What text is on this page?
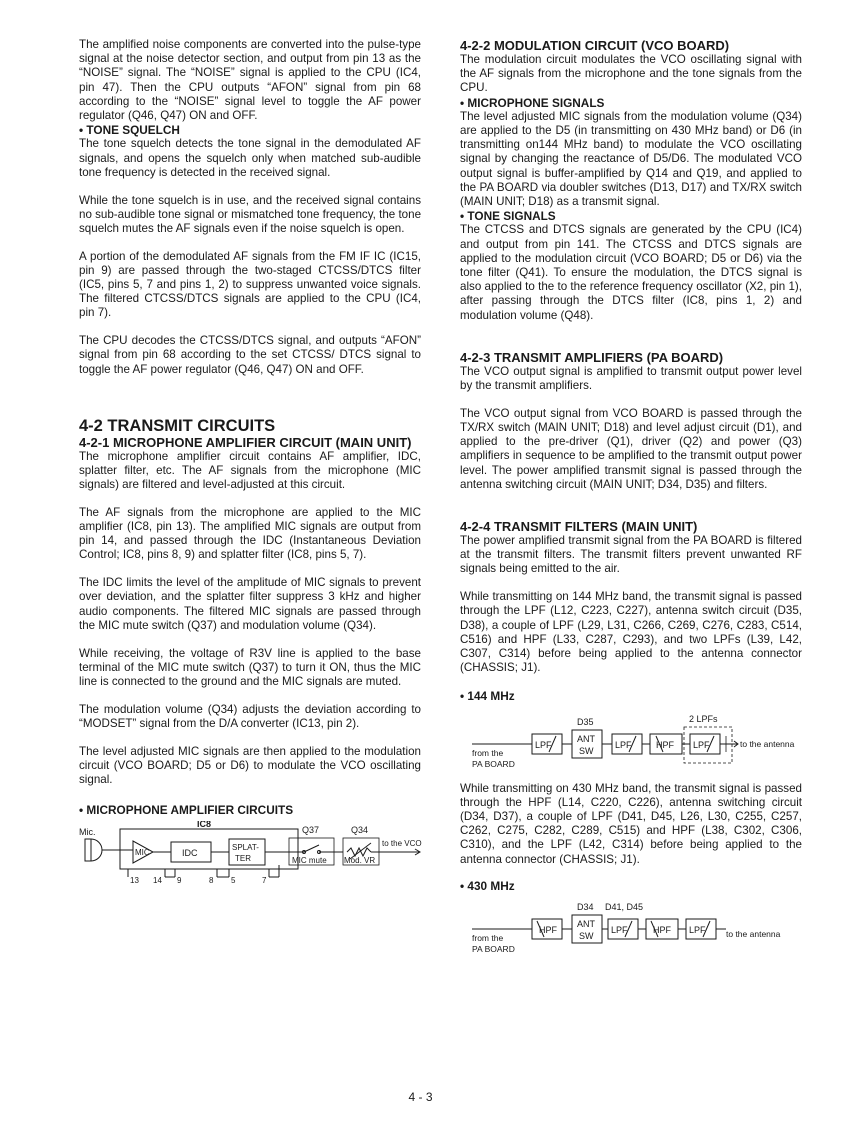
The amplified noise components are converted into the pulse-type signal at the noise detector section, and output from pin 13 as the “NOISE” signal. The “NOISE” signal is applied to the CPU (IC4, pin 47). Then the CPU outputs “AFON” signal from pin 68 according to the “NOISE” signal level to toggle the AF power regulator (Q46, Q47) ON and OFF.

• TONE SQUELCH

The tone squelch detects the tone signal in the demodulated AF signals, and opens the squelch only when matched sub-audible tone frequency is detected in the received signal.

While the tone squelch is in use, and the received signal contains no sub-audible tone signal or mismatched tone frequency, the tone squelch mutes the AF signals even if the noise squelch is open.

A portion of the demodulated AF signals from the FM IF IC (IC15, pin 9) are passed through the two-staged CTCSS/DTCS filter (IC5, pins 5, 7 and pins 1, 2) to suppress unwanted voice signals. The filtered CTCSS/DTCS signals are applied to the CPU (IC4, pin 7).

The CPU decodes the CTCSS/DTCS signal, and outputs “AFON” signal from pin 68 according to the set CTCSS/ DTCS signal to toggle the AF power regulator (Q46, Q47) ON and OFF.

4-2 TRANSMIT CIRCUITS
4-2-1 MICROPHONE AMPLIFIER CIRCUIT (MAIN UNIT)

The microphone amplifier circuit contains AF amplifier, IDC, splatter filter, etc. The AF signals from the microphone (MIC signals) are filtered and level-adjusted at this circuit.

The AF signals from the microphone are applied to the MIC amplifier (IC8, pin 13). The amplified MIC signals are output from pin 14, and passed through the IDC (Instantaneous Deviation Control; IC8, pins 8, 9) and splatter filter (IC8, pins 5, 7).

The IDC limits the level of the amplitude of MIC signals to prevent over deviation, and the splatter filter suppress 3 kHz and higher audio components. The filtered MIC signals are passed through the MIC mute switch (Q37) and modulation volume (Q34).

While receiving, the voltage of R3V line is applied to the base terminal of the MIC mute switch (Q37) to turn it ON, thus the MIC line is connected to the ground and the MIC signals are muted.

The modulation volume (Q34) adjusts the deviation according to “MODSET” signal from the D/A converter (IC13, pin 2).

The level adjusted MIC signals are then applied to the modulation circuit (VCO BOARD; D5 or D6) to modulate the VCO oscillating signal.

• MICROPHONE AMPLIFIER CIRCUITS
Mic.
IC8
MIC	IDC
SPLAT-
TER
Q37	Q34
MIC mute Mod. VR
to the VCO
13 14 9	8 5	7
4-2-2 MODULATION CIRCUIT (VCO BOARD)

The modulation circuit modulates the VCO oscillating signal with the AF signals from the microphone and the tone signals from the CPU.

• MICROPHONE SIGNALS

The level adjusted MIC signals from the modulation volume (Q34) are applied to the D5 (in transmitting on 430 MHz band) or D6 (in transmitting on144 MHz band) to modulate the VCO oscillating signal by changing the reactance of D5/D6. The modulated VCO output signal is buffer-amplified by Q14 and Q19, and applied to the PA BOARD via doubler switches (D13, D17) and TX/RX switch (MAIN UNIT; D18) as a transmit signal.

• TONE SIGNALS

The CTCSS and DTCS signals are generated by the CPU (IC4) and output from pin 141. The CTCSS and DTCS signals are applied to the modulation circuit (VCO BOARD; D5 or D6) via the tone filter (Q41). To ensure the modulation, the DTCS signal is also applied to the to the reference frequency oscillator (X2, pin 1), after passing through the DTCS filter (IC8, pins 1, 2) and modulation volume (Q48).

4-2-3 TRANSMIT AMPLIFIERS (PA BOARD)

The VCO output signal is amplified to transmit output power level by the transmit amplifiers.

The VCO output signal from VCO BOARD is passed through the TX/RX switch (MAIN UNIT; D18) and level adjust circuit (D1), and applied to the pre-driver (Q1), driver (Q2) and power (Q3) amplifiers in sequence to be amplified to the transmit output power level. The power amplified transmit signal is passed through the antenna switching circuit (MAIN UNIT; D34, D35) and filters.

4-2-4 TRANSMIT FILTERS (MAIN UNIT)

The power amplified transmit signal from the PA BOARD is filtered at the transmit filters. The transmit filters prevent unwanted RF signals being emitted to the air.

While transmitting on 144 MHz band, the transmit signal is passed through the LPF (L12, C223, C227), antenna switch circuit (D35, D38), a couple of LPF (L29, L31, C266, C269, C276, C283, C514, C516) and HPF (L33, C287, C293), and two LPFs (L39, L42, C307, C314) before being applied to the antenna connector (CHASSIS; J1).

• 144 MHz
D35	2 LPFs
from the
PA BOARD
LPF
ANT
SW
LPF	HPF LPF	to the antenna

While transmitting on 430 MHz band, the transmit signal is passed through the HPF (L14, C220, C226), antenna switching circuit (D34, D37), a couple of LPF (D41, D45, L26, L30, C255, C257, C262, C275, C282, C289, C515) and HPF (L38, C302, C306, C310), and the LPF (L42, C314) before being applied to the antenna connector (CHASSIS; J1).

• 430 MHz
D34 D41, D45
from the
PA BOARD
HPF
ANT
SW
LPF	HPF LPF to the antenna
4 - 3
